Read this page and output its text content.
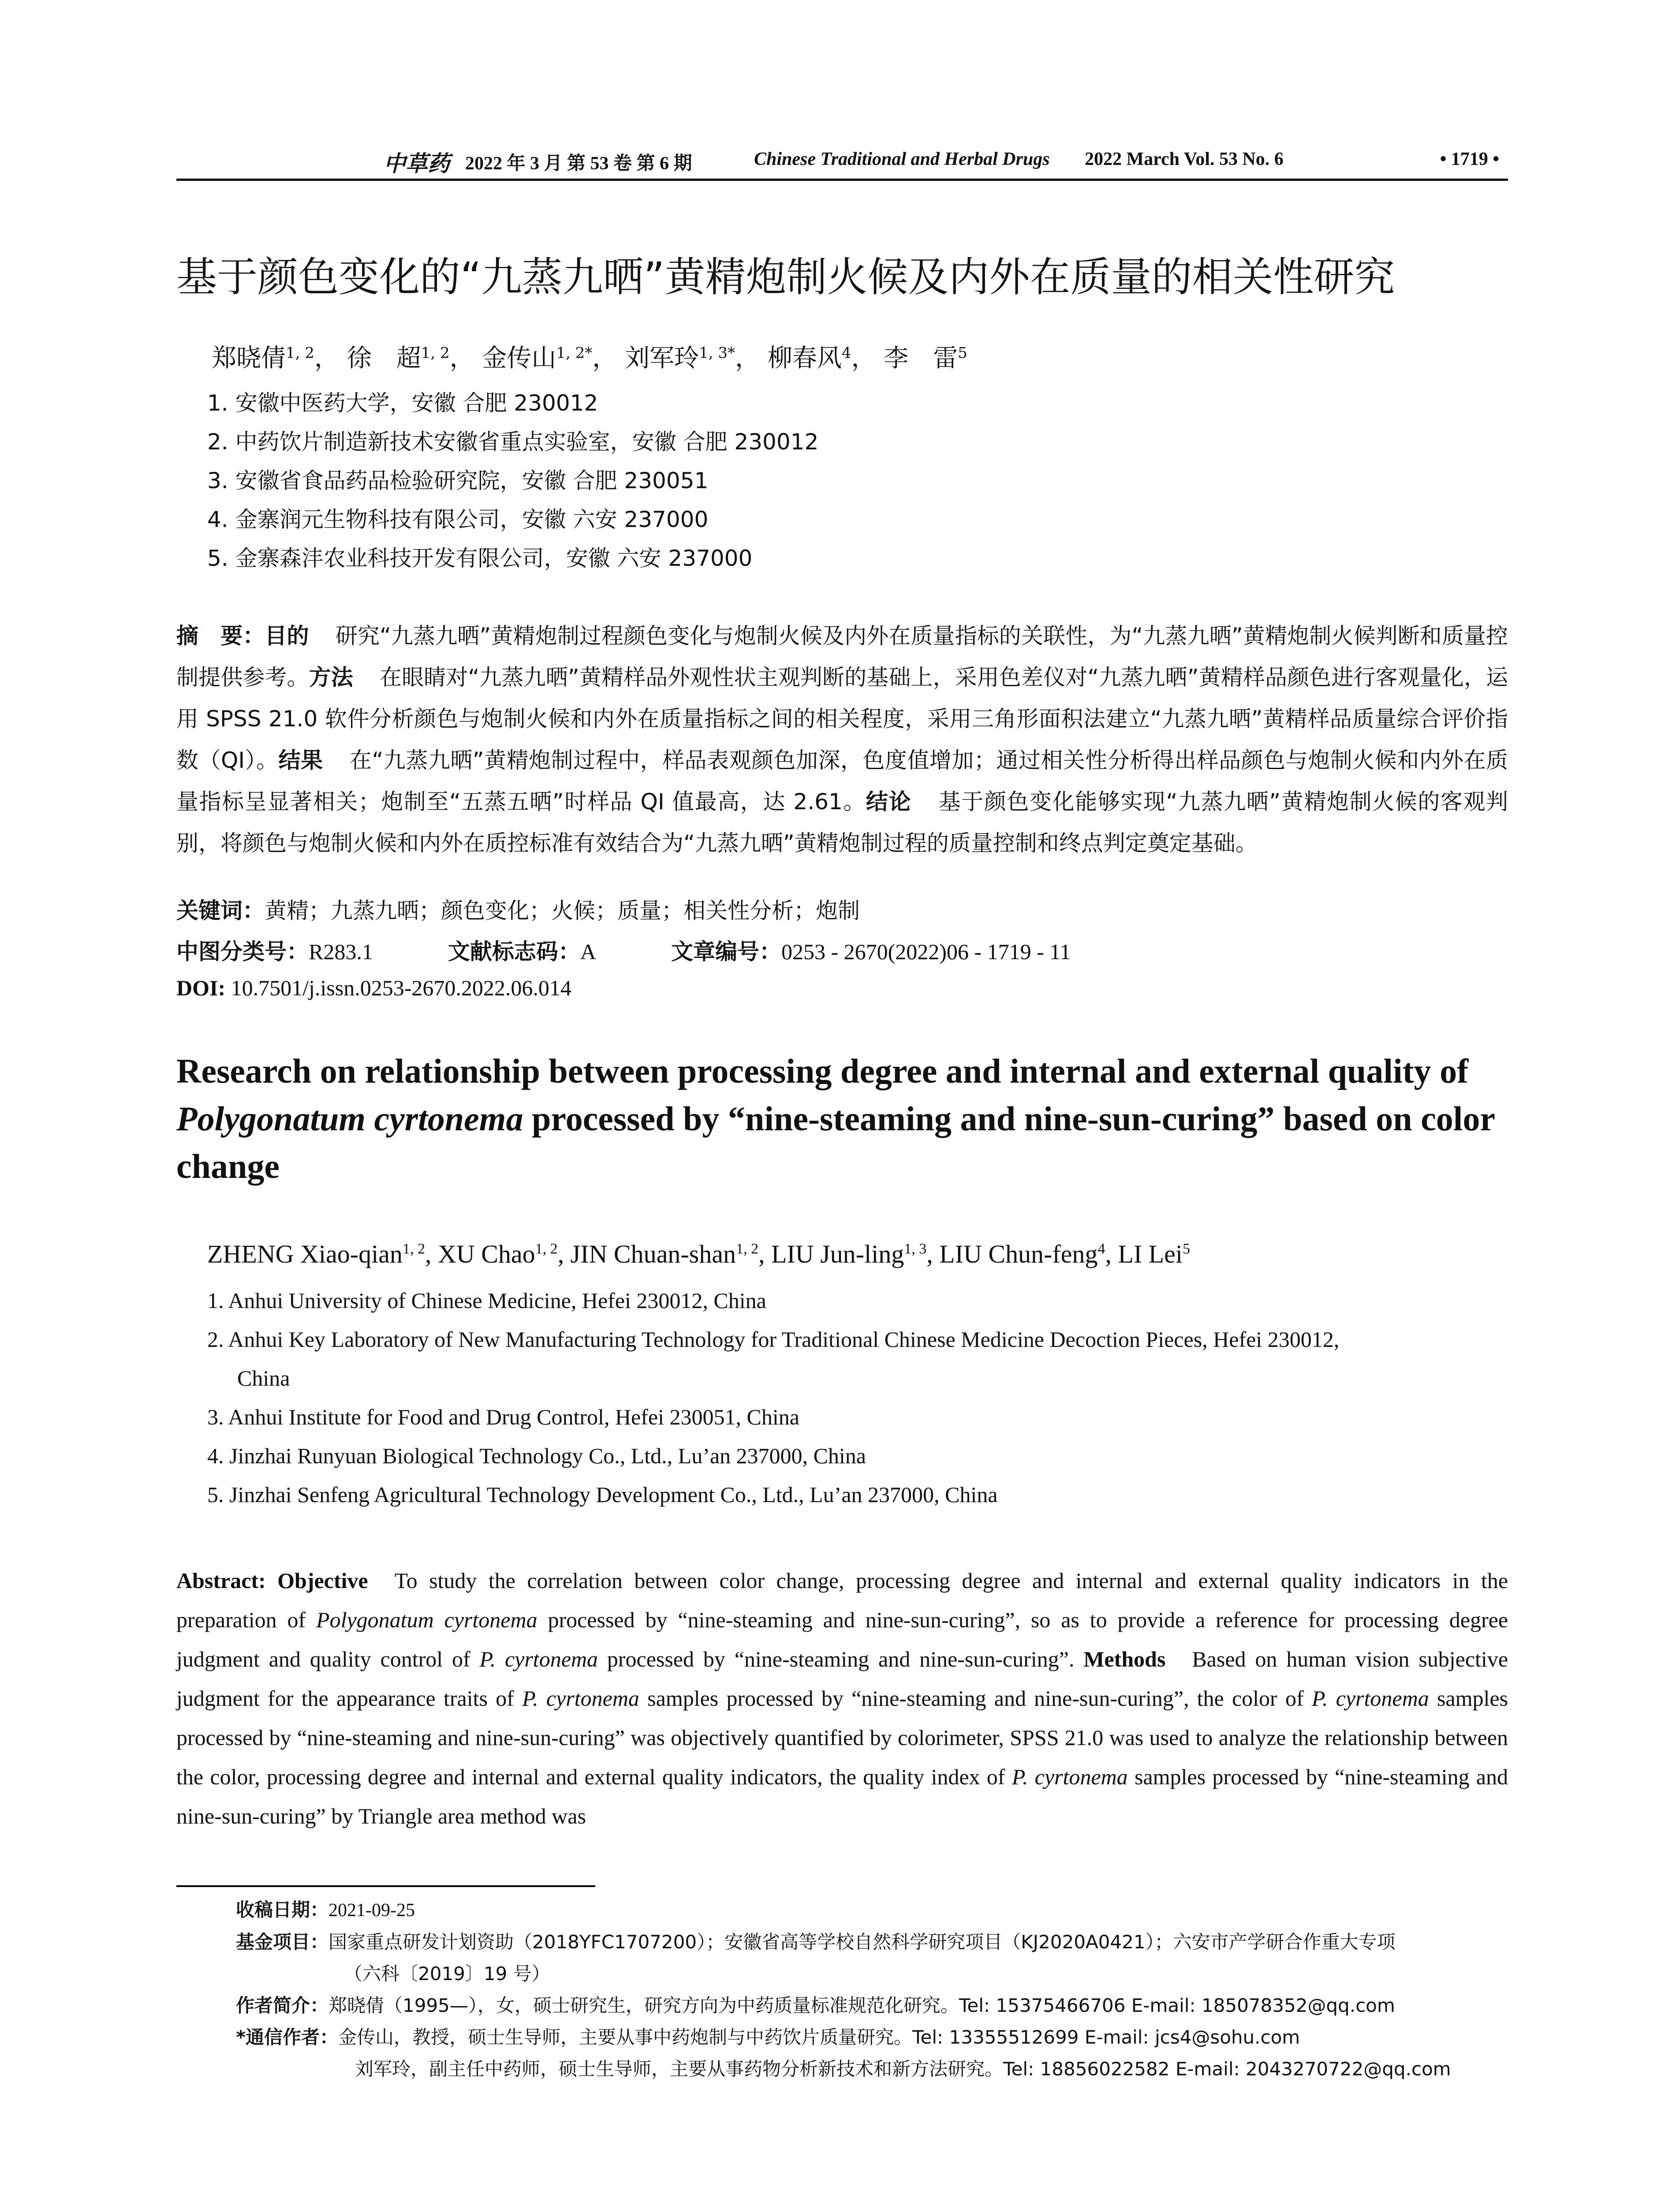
中草药 2022 年 3 月 第 53 卷 第 6 期	Chinese Traditional and Herbal Drugs 2022 March Vol. 53 No. 6	• 1719 •
基于颜色变化的“九蒸九晒”黄精炮制火候及内外在质量的相关性研究
郑晓倩$^{1, 2}$， 徐　超$^{1, 2}$， 金传山$^{1, 2*}$， 刘军玲$^{1, 3*}$， 柳春风$^4$， 李　雷$^5$
1. 安徽中医药大学，安徽 合肥 230012
2. 中药饮片制造新技术安徽省重点实验室，安徽 合肥 230012
3. 安徽省食品药品检验研究院，安徽 合肥 230051
4. 金寨润元生物科技有限公司，安徽 六安 237000
5. 金寨森沣农业科技开发有限公司，安徽 六安 237000
摘　要：目的 研究“九蒸九晒”黄精炮制过程颜色变化与炮制火候及内外在质量指标的关联性，为“九蒸九晒”黄精炮制火候判断和质量控制提供参考。方法 在眼睛对“九蒸九晒”黄精样品外观性状主观判断的基础上，采用色差仪对“九蒸九晒”黄精样品颜色进行客观量化，运用 SPSS 21.0 软件分析颜色与炮制火候和内外在质量指标之间的相关程度，采用三角形面积法建立“九蒸九晒”黄精样品质量综合评价指数（QI）。结果 在“九蒸九晒”黄精炮制过程中，样品表观颜色加深，色度值增加；通过相关性分析得出样品颜色与炮制火候和内外在质量指标呈显著相关；炮制至“五蒸五晒”时样品 QI 值最高，达 2.61。结论 基于颜色变化能够实现“九蒸九晒”黄精炮制火候的客观判别，将颜色与炮制火候和内外在质控标准有效结合为“九蒸九晒”黄精炮制过程的质量控制和终点判定奠定基础。
关键词：黄精；九蒸九晒；颜色变化；火候；质量；相关性分析；炮制
中图分类号：R283.1	文献标志码：A	文章编号：0253 - 2670(2022)06 - 1719 - 11
DOI: 10.7501/j.issn.0253-2670.2022.06.014
Research on relationship between processing degree and internal and external quality of Polygonatum cyrtonema processed by “nine-steaming and nine-sun-curing” based on color change
ZHENG Xiao-qian$^{1, 2}$, XU Chao$^{1, 2}$, JIN Chuan-shan$^{1, 2}$, LIU Jun-ling$^{1, 3}$, LIU Chun-feng$^4$, LI Lei$^5$
1. Anhui University of Chinese Medicine, Hefei 230012, China
2. Anhui Key Laboratory of New Manufacturing Technology for Traditional Chinese Medicine Decoction Pieces, Hefei 230012,
China
3. Anhui Institute for Food and Drug Control, Hefei 230051, China
4. Jinzhai Runyuan Biological Technology Co., Ltd., Lu’an 237000, China
5. Jinzhai Senfeng Agricultural Technology Development Co., Ltd., Lu’an 237000, China
Abstract: Objective To study the correlation between color change, processing degree and internal and external quality indicators in the preparation of Polygonatum cyrtonema processed by “nine-steaming and nine-sun-curing”, so as to provide a reference for processing degree judgment and quality control of P. cyrtonema processed by “nine-steaming and nine-sun-curing”. Methods Based on human vision subjective judgment for the appearance traits of P. cyrtonema samples processed by “nine-steaming and nine-sun-curing”, the color of P. cyrtonema samples processed by “nine-steaming and nine-sun-curing” was objectively quantified by colorimeter, SPSS 21.0 was used to analyze the relationship between the color, processing degree and internal and external quality indicators, the quality index of P. cyrtonema samples processed by “nine-steaming and nine-sun-curing” by Triangle area method was
收稿日期：2021-09-25
基金项目：国家重点研发计划资助（2018YFC1707200）；安徽省高等学校自然科学研究项目（KJ2020A0421）；六安市产学研合作重大专项
（六科〔2019〕19 号）
作者简介：郑晓倩（1995—），女，硕士研究生，研究方向为中药质量标准规范化研究。Tel: 15375466706 E-mail: 185078352@qq.com
*通信作者：金传山，教授，硕士生导师，主要从事中药炮制与中药饮片质量研究。Tel: 13355512699 E-mail: jcs4@sohu.com
刘军玲，副主任中药师，硕士生导师，主要从事药物分析新技术和新方法研究。Tel: 18856022582 E-mail: 2043270722@qq.com
